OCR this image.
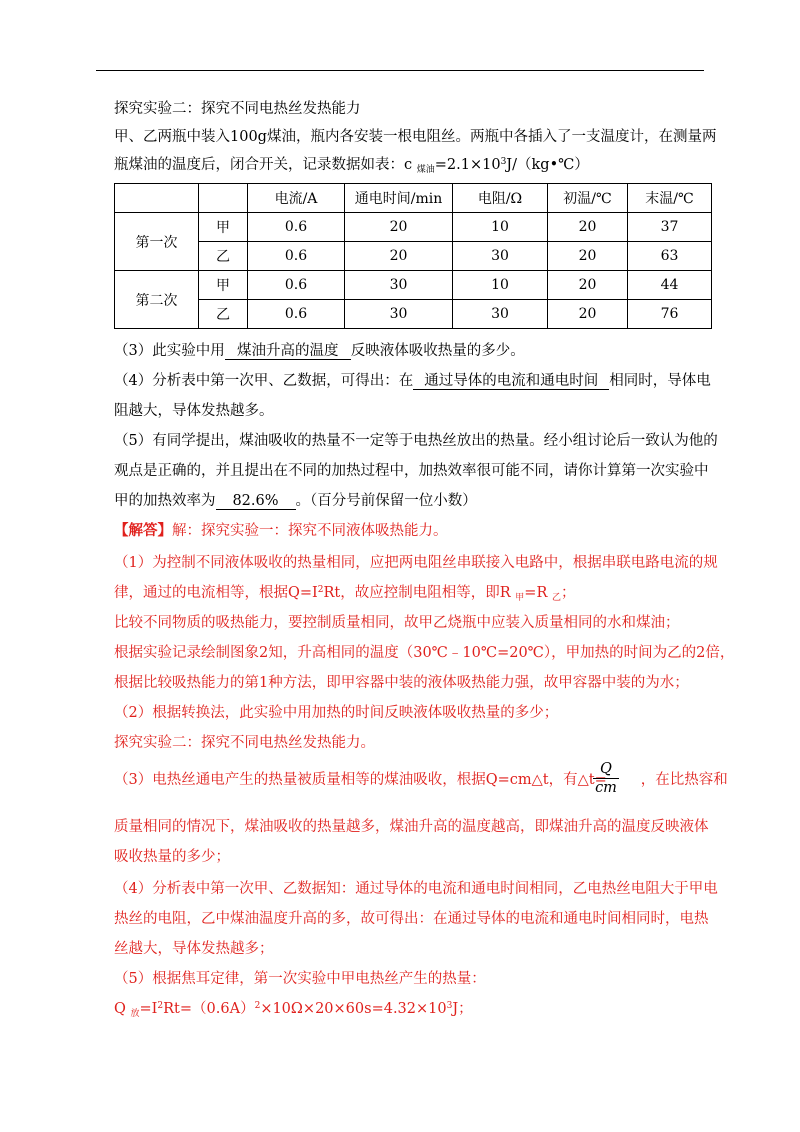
探究实验二：探究不同电热丝发热能力
甲、乙两瓶中装入100g煤油，瓶内各安装一根电阻丝。两瓶中各插入了一支温度计，在测量两
瓶煤油的温度后，闭合开关，记录数据如表：c $_{煤油}=2.1\times 10^3J/(kg•℃)$
		电流/A	通电时间/min	电阻/Ω	初温/℃	末温/℃
第一次	甲	0.6	20	10	20	37
	乙	0.6	20	30	20	63
第二次	甲	0.6	30	10	20	44
	乙	0.6	30	30	20	76
（3）此实验中用 煤油升高的温度 反映液体吸收热量的多少。
（4）分析表中第一次甲、乙数据，可得出：在 通过导体的电流和通电时间 相同时，导体电
阻越大，导体发热越多。
（5）有同学提出，煤油吸收的热量不一定等于电热丝放出的热量。经小组讨论后一致认为他的
观点是正确的，并且提出在不同的加热过程中，加热效率很可能不同，请你计算第一次实验中
甲的加热效率为 82.6% 。（百分号前保留一位小数）
【解答】解：探究实验一：探究不同液体吸热能力。
（1）为控制不同液体吸收的热量相同，应把两电阻丝串联接入电路中，根据串联电路电流的规
律，通过的电流相等，根据$Q=I^2Rt$，故应控制电阻相等，即R $_甲$=R $_乙$；
比较不同物质的吸热能力，要控制质量相同，故甲乙烧瓶中应装入质量相同的水和煤油；
根据实验记录绘制图象2知，升高相同的温度（30℃﹣10℃=20℃），甲加热的时间为乙的2倍，
根据比较吸热能力的第1种方法，即甲容器中装的液体吸热能力强，故甲容器中装的为水；
（2）根据转换法，此实验中用加热的时间反映液体吸收热量的多少；
探究实验二：探究不同电热丝发热能力。
（3）电热丝通电产生的热量被质量相等的煤油吸收，根据Q=cm△t，有△t= ，在比热容和
Q
cm
质量相同的情况下，煤油吸收的热量越多，煤油升高的温度越高，即煤油升高的温度反映液体
吸收热量的多少；
（4）分析表中第一次甲、乙数据知：通过导体的电流和通电时间相同，乙电热丝电阻大于甲电
热丝的电阻，乙中煤油温度升高的多，故可得出：在通过导体的电流和通电时间相同时，电热
丝越大，导体发热越多；
（5）根据焦耳定律，第一次实验中甲电热丝产生的热量：
Q $_放=I^2Rt=(0.6A)^2\times 10\Omega\times 20\times 60s=4.32\times 10^3J$；
